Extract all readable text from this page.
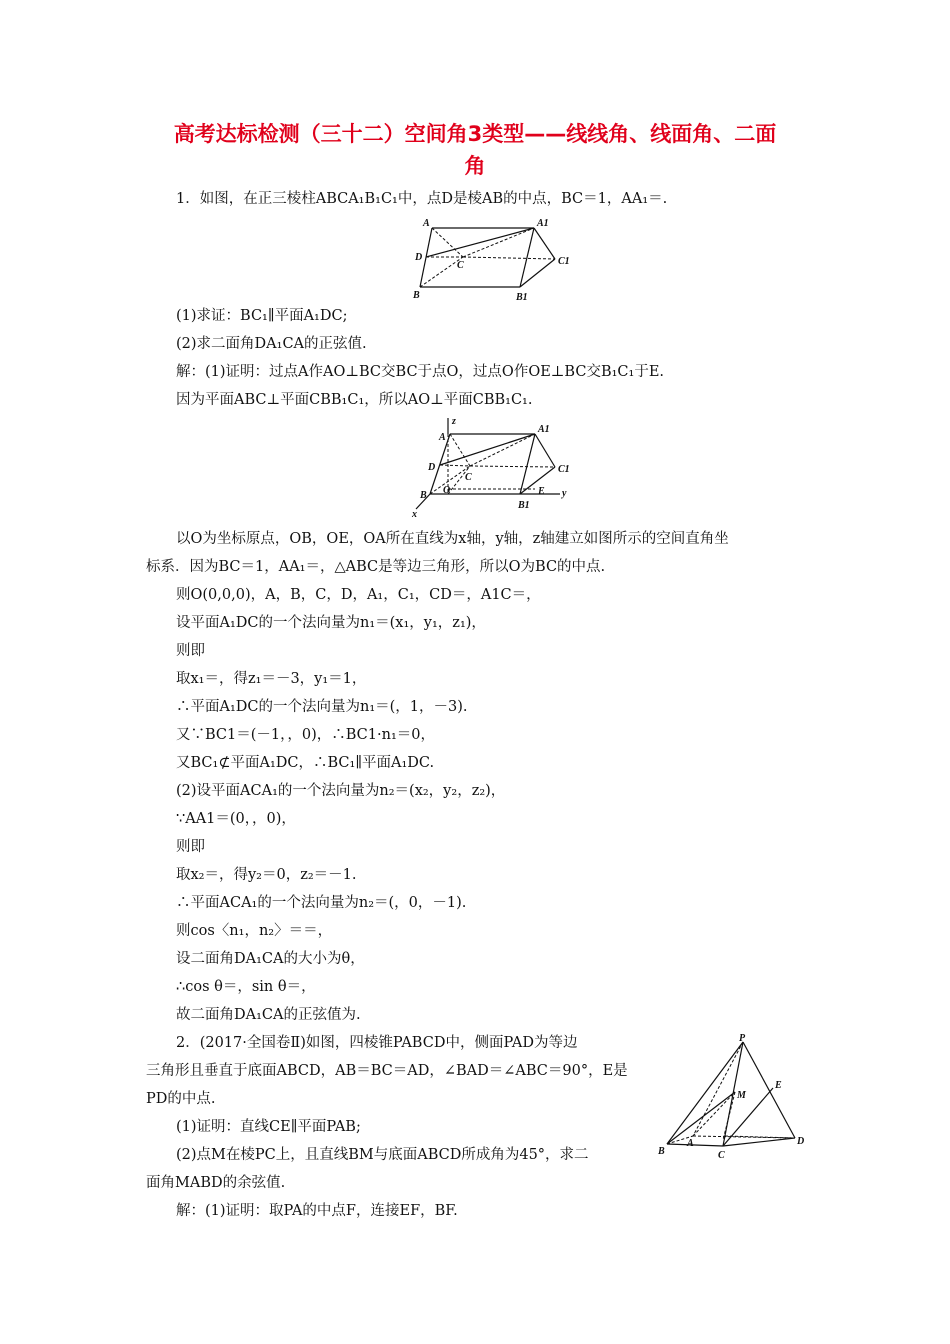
高考达标检测（三十二）空间角3类型——线线角、线面角、二面
角
1．如图，在正三棱柱ABCA₁B₁C₁中，点D是棱AB的中点，BC＝1，AA₁＝.
A	A1
D
C	C1
B	B1
(1)求证：BC₁∥平面A₁DC;
(2)求二面角DA₁CA的正弦值.
解：(1)证明：过点A作AO⊥BC交BC于点O，过点O作OE⊥BC交B₁C₁于E.
因为平面ABC⊥平面CBB₁C₁，所以AO⊥平面CBB₁C₁.
z
A
A1
D
C
C1
B O	E
B1
y
x
以O为坐标原点，OB，OE，OA所在直线为x轴，y轴，z轴建立如图所示的空间直角坐
标系．因为BC＝1，AA₁＝，△ABC是等边三角形，所以O为BC的中点.
则O(0,0,0)，A，B，C，D，A₁，C₁，CD＝，A1C＝，
设平面A₁DC的一个法向量为n₁＝(x₁，y₁，z₁)，
则即
取x₁＝，得z₁＝－3，y₁＝1，
∴平面A₁DC的一个法向量为n₁＝(，1，－3).
又∵BC1＝(－1，，0)，∴BC1·n₁＝0，
又BC₁⊄平面A₁DC，∴BC₁∥平面A₁DC.
(2)设平面ACA₁的一个法向量为n₂＝(x₂，y₂，z₂)，
∵AA1＝(0，，0)，
则即
取x₂＝，得y₂＝0，z₂＝－1.
∴平面ACA₁的一个法向量为n₂＝(，0，－1).
则cos〈n₁，n₂〉＝＝，
设二面角DA₁CA的大小为θ，
∴cos θ＝，sin θ＝，
故二面角DA₁CA的正弦值为.
2．(2017·全国卷Ⅱ)如图，四棱锥PABCD中，侧面PAD为等边
三角形且垂直于底面ABCD，AB＝BC＝AD，∠BAD＝∠ABC＝90°，E是
PD的中点.
(1)证明：直线CE∥平面PAB;
(2)点M在棱PC上，且直线BM与底面ABCD所成角为45°，求二
面角MABD的余弦值.
解：(1)证明：取PA的中点F，连接EF，BF.
P
M
E
A
B	C
D
